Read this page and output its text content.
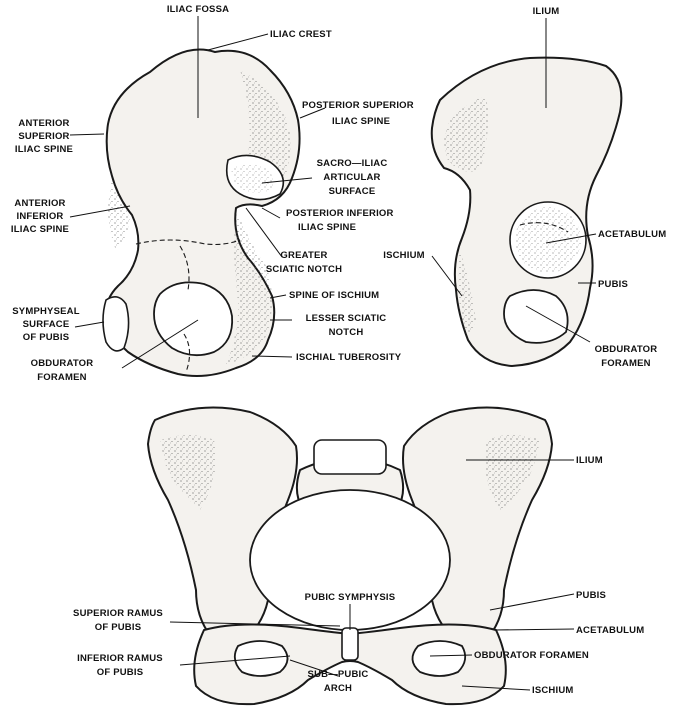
ILIAC FOSSA
ILIAC CREST
ANTERIOR
SUPERIOR
ILIAC SPINE
POSTERIOR SUPERIOR
ILIAC SPINE
SACRO—ILIAC
ARTICULAR
SURFACE
ANTERIOR
INFERIOR
ILIAC SPINE
POSTERIOR INFERIOR
ILIAC SPINE
GREATER
SCIATIC NOTCH
SPINE OF ISCHIUM
SYMPHYSEAL
SURFACE
OF PUBIS
LESSER SCIATIC
NOTCH
OBDURATOR
FORAMEN
ISCHIAL TUBEROSITY
ILIUM
ACETABULUM
ISCHIUM
PUBIS
OBDURATOR
FORAMEN
ILIUM
PUBIC SYMPHYSIS	PUBIS
SUPERIOR RAMUS
OF PUBIS	ACETABULUM
INFERIOR RAMUS
OF PUBIS
OBDURATOR FORAMEN
SUB—PUBIC
ARCH	ISCHIUM
